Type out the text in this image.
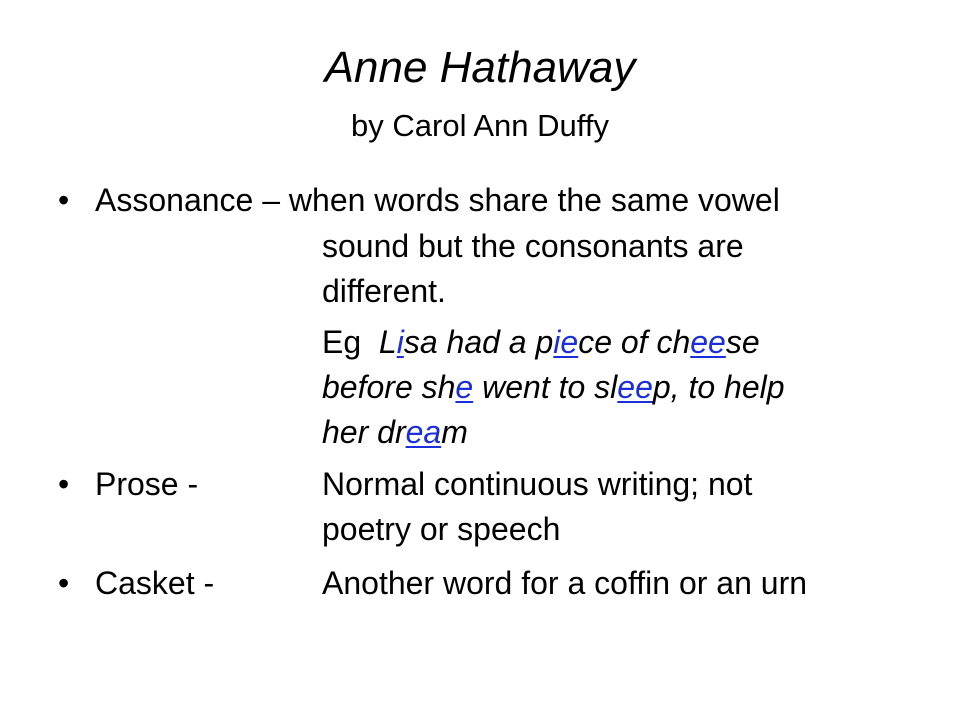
Anne Hathaway
by Carol Ann Duffy
• Assonance – when words share the same vowel
sound but the consonants are
different.
Eg Lisa had a piece of cheese
before she went to sleep, to help
her dream
• Prose -	Normal continuous writing; not
poetry or speech
• Casket -	Another word for a coffin or an urn
